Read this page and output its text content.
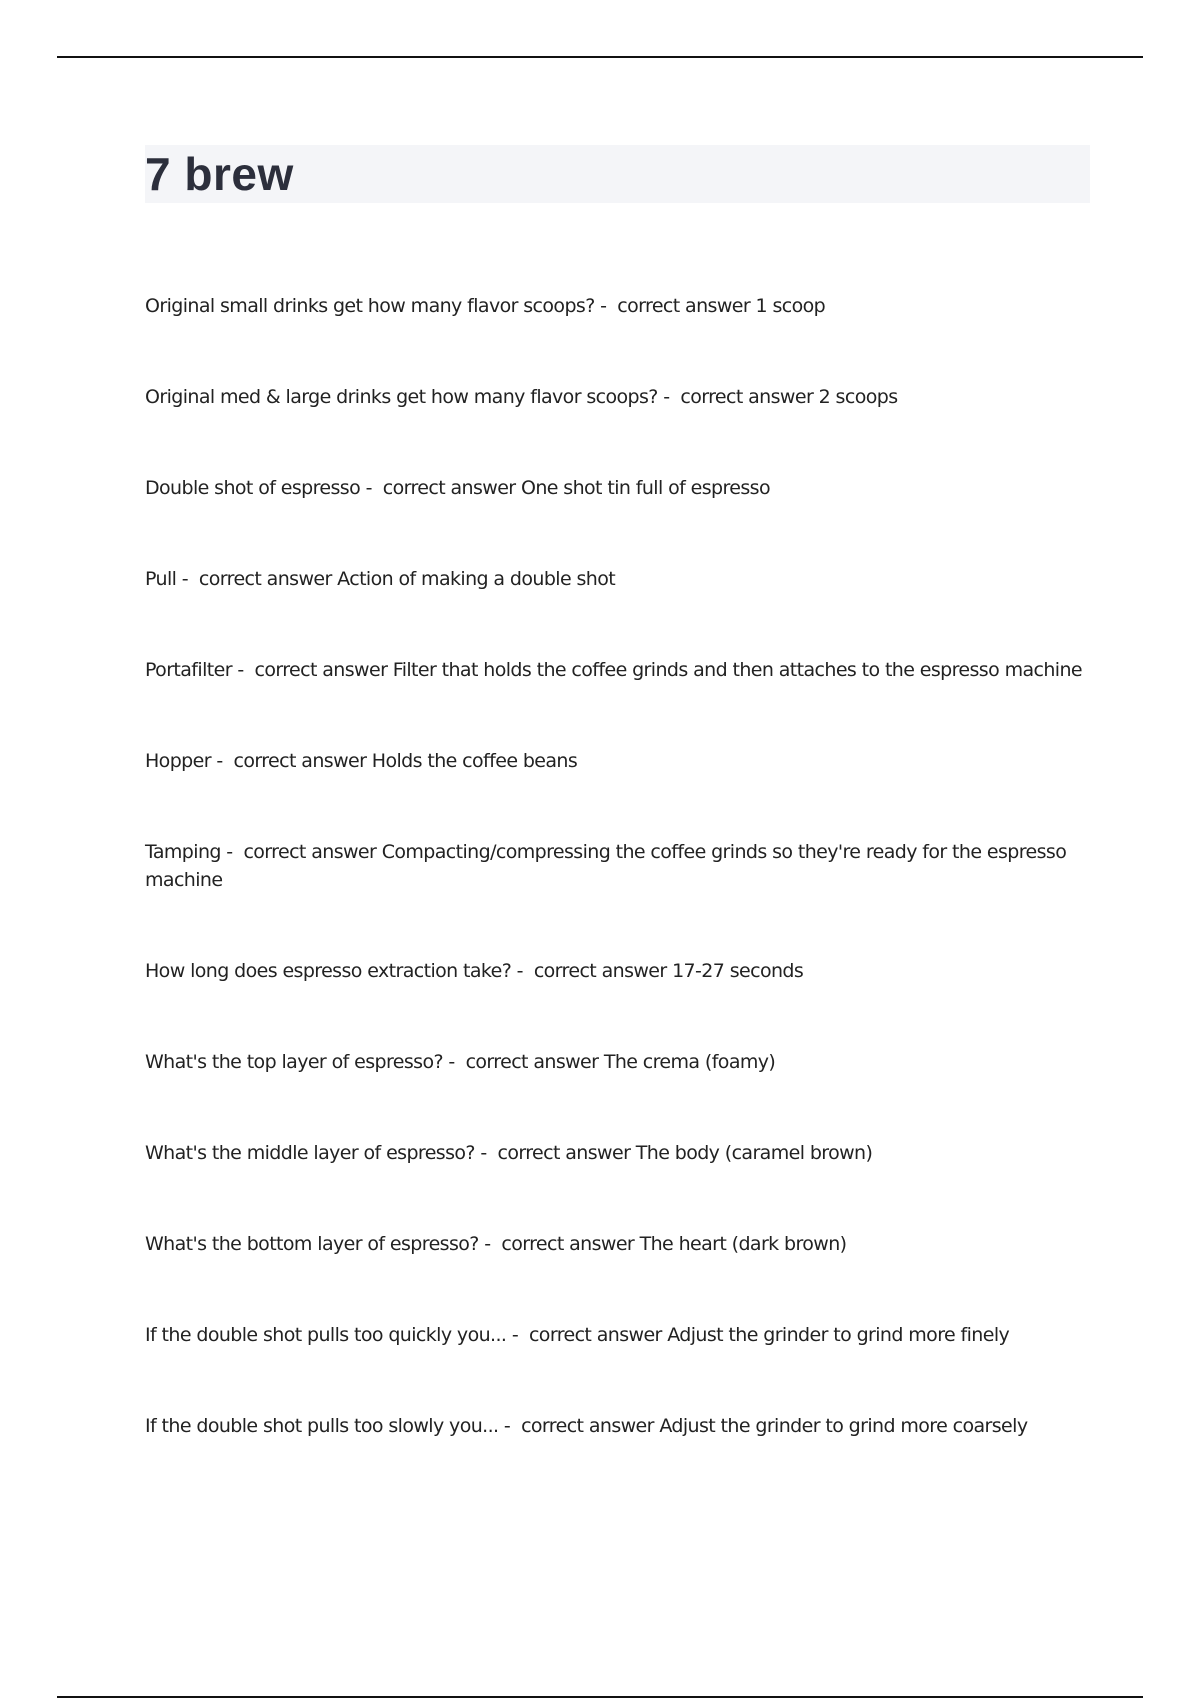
7 brew
Original small drinks get how many flavor scoops? -  correct answer 1 scoop
Original med & large drinks get how many flavor scoops? -  correct answer 2 scoops
Double shot of espresso -  correct answer One shot tin full of espresso
Pull -  correct answer Action of making a double shot
Portafilter -  correct answer Filter that holds the coffee grinds and then attaches to the espresso machine
Hopper -  correct answer Holds the coffee beans
Tamping -  correct answer Compacting/compressing the coffee grinds so they're ready for the espresso machine
How long does espresso extraction take? -  correct answer 17-27 seconds
What's the top layer of espresso? -  correct answer The crema (foamy)
What's the middle layer of espresso? -  correct answer The body (caramel brown)
What's the bottom layer of espresso? -  correct answer The heart (dark brown)
If the double shot pulls too quickly you... -  correct answer Adjust the grinder to grind more finely
If the double shot pulls too slowly you... -  correct answer Adjust the grinder to grind more coarsely
